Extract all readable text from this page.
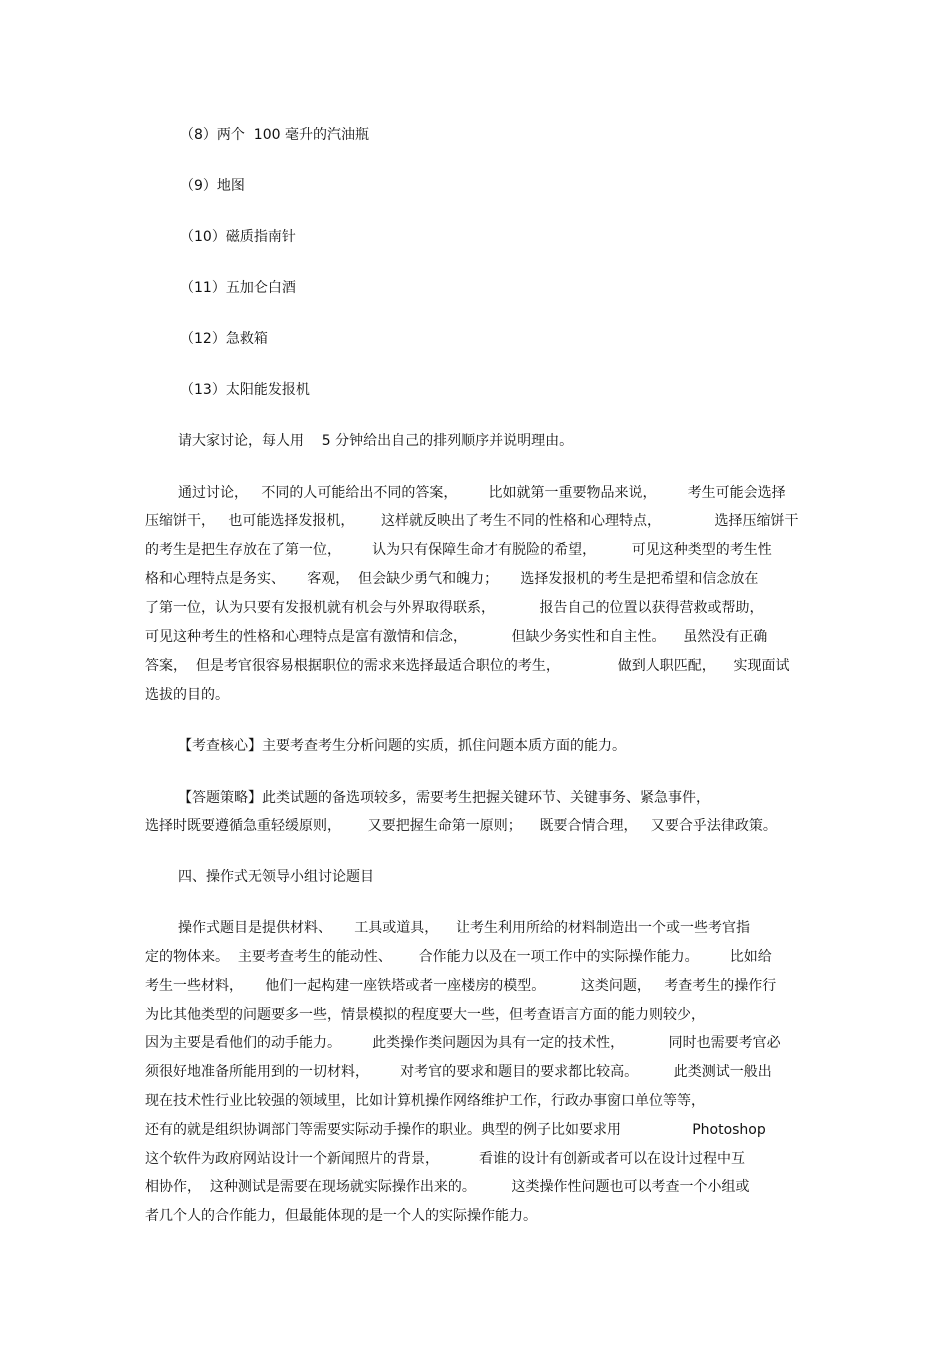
（8）两个  100 毫升的汽油瓶
（9）地图
（10）磁质指南针
（11）五加仑白酒
（12）急救箱
（13）太阳能发报机
请大家讨论，每人用    5 分钟给出自己的排列顺序并说明理由。
通过讨论，   不同的人可能给出不同的答案，       比如就第一重要物品来说，       考生可能会选择
压缩饼干，   也可能选择发报机，      这样就反映出了考生不同的性格和心理特点，            选择压缩饼干
的考生是把生存放在了第一位，       认为只有保障生命才有脱险的希望，        可见这种类型的考生性
格和心理特点是务实、     客观，  但会缺少勇气和魄力；     选择发报机的考生是把希望和信念放在
了第一位，认为只要有发报机就有机会与外界取得联系，          报告自己的位置以获得营救或帮助，
可见这种考生的性格和心理特点是富有激情和信念，          但缺少务实性和自主性。    虽然没有正确
答案，  但是考官很容易根据职位的需求来选择最适合职位的考生，             做到人职匹配，    实现面试
选拔的目的。
【考查核心】主要考查考生分析问题的实质，抓住问题本质方面的能力。
【答题策略】此类试题的备选项较多，需要考生把握关键环节、关键事务、紧急事件，
选择时既要遵循急重轻缓原则，      又要把握生命第一原则；    既要合情合理，   又要合乎法律政策。
四、操作式无领导小组讨论题目
操作式题目是提供材料、     工具或道具，    让考生利用所给的材料制造出一个或一些考官指
定的物体来。  主要考查考生的能动性、      合作能力以及在一项工作中的实际操作能力。       比如给
考生一些材料，     他们一起构建一座铁塔或者一座楼房的模型。        这类问题，   考查考生的操作行
为比其他类型的问题要多一些，情景模拟的程度要大一些，但考查语言方面的能力则较少，
因为主要是看他们的动手能力。       此类操作类问题因为具有一定的技术性，          同时也需要考官必
须很好地准备所能用到的一切材料，       对考官的要求和题目的要求都比较高。        此类测试一般出
现在技术性行业比较强的领域里，比如计算机操作网络维护工作，行政办事窗口单位等等，
还有的就是组织协调部门等需要实际动手操作的职业。典型的例子比如要求用                Photoshop
这个软件为政府网站设计一个新闻照片的背景，         看谁的设计有创新或者可以在设计过程中互
相协作，  这种测试是需要在现场就实际操作出来的。        这类操作性问题也可以考查一个小组或
者几个人的合作能力，但最能体现的是一个人的实际操作能力。
